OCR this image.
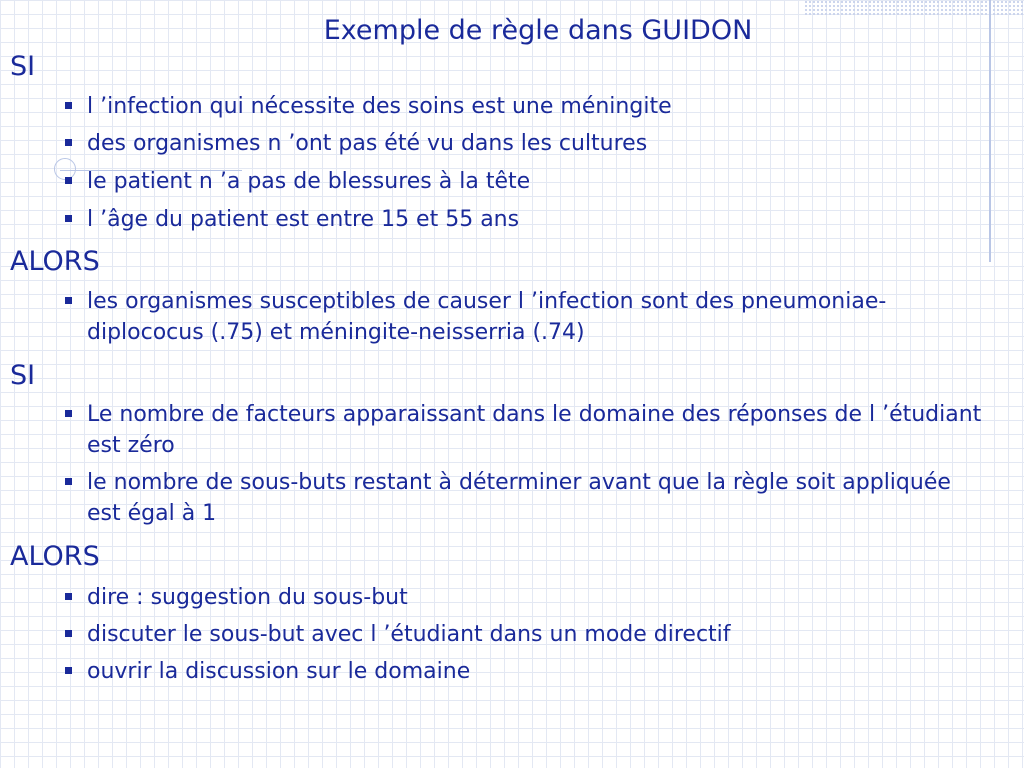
Exemple de règle dans GUIDON
SI
l ’infection qui nécessite des soins est une méningite
des organismes n ’ont pas été vu dans les cultures
le patient n ’a pas de blessures à la tête
l ’âge du patient est entre 15 et 55 ans
ALORS
les organismes susceptibles de causer l ’infection sont des pneumoniae-diplococus (.75) et méningite-neisserria (.74)
SI
Le nombre de facteurs apparaissant dans le domaine des réponses de l ’étudiant est zéro
le nombre de sous-buts restant à déterminer avant que la règle soit appliquée est égal à 1
ALORS
dire : suggestion du sous-but
discuter le sous-but avec l ’étudiant dans un mode directif
ouvrir la discussion sur le domaine
